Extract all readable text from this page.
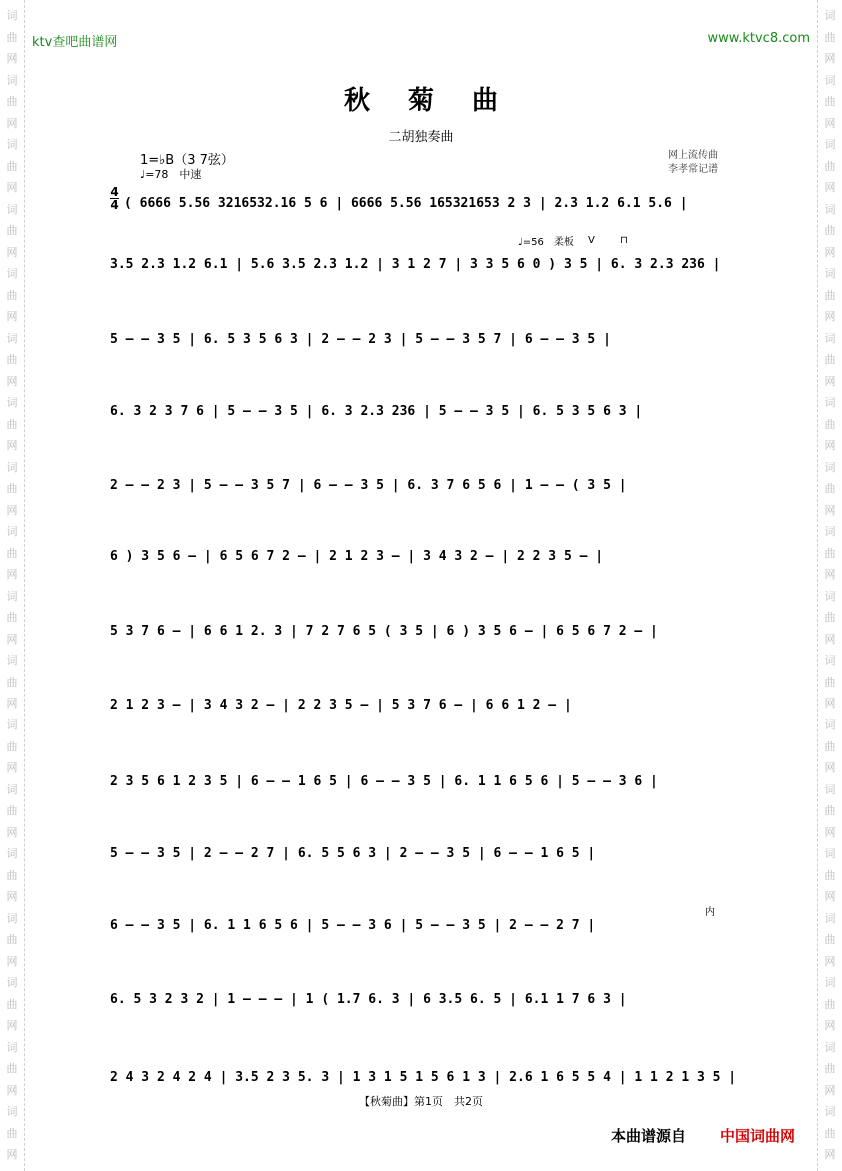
词
曲
网
词
曲
网
词
曲
网
词
曲
网
词
曲
网
词
曲
网
词
曲
网
词
曲
网
词
曲
网
词
曲
网
词
曲
网
词
曲
网
词
曲
网
词
曲
网
词
曲
网
词
曲
网
词
曲
网
词
曲
网
词
曲
网
词
曲
网
词
曲
网
词
曲
网
词
曲
网
词
曲
网
词
曲
网
词
曲
网
词
曲
网
词
曲
网
词
曲
网
词
曲
网
词
曲
网
词
曲
网
词
曲
网
词
曲
网
词
曲
网
词
曲
网
ktv查吧曲谱网	www.ktvc8.com
秋菊曲
二胡独奏曲
1=♭B（3 7弦）
♩=78　中速
网上流传曲
李孝常记谱
4
4
♩=56　柔板
内
V	⊓
( 6666 5.56 3216532.16 5 6 | 6666 5.56 165321653 2 3 | 2.3 1.2 6.1 5.6 |
3.5 2.3 1.2 6.1 | 5.6 3.5 2.3 1.2 | 3 1 2 7 | 3 3 5 6 0 ) 3 5 | 6. 3 2.3 236 |
5 – – 3 5 | 6. 5 3 5 6 3 | 2 – – 2 3 | 5 – – 3 5 7 | 6 – – 3 5 |
6. 3 2 3 7 6 | 5 – – 3 5 | 6. 3 2.3 236 | 5 – – 3 5 | 6. 5 3 5 6 3 |
2 – – 2 3 | 5 – – 3 5 7 | 6 – – 3 5 | 6. 3 7 6 5 6 | 1 – – ( 3 5 |
6 ) 3 5 6 – | 6 5 6 7 2 – | 2 1 2 3 – | 3 4 3 2 – | 2 2 3 5 – |
5 3 7 6 – | 6 6 1 2. 3 | 7 2 7 6 5 ( 3 5 | 6 ) 3 5 6 – | 6 5 6 7 2 – |
2 1 2 3 – | 3 4 3 2 – | 2 2 3 5 – | 5 3 7 6 – | 6 6 1 2 – |
2 3 5 6 1 2 3 5 | 6 – – 1 6 5 | 6 – – 3 5 | 6. 1 1 6 5 6 | 5 – – 3 6 |
5 – – 3 5 | 2 – – 2 7 | 6. 5 5 6 3 | 2 – – 3 5 | 6 – – 1 6 5 |
6 – – 3 5 | 6. 1 1 6 5 6 | 5 – – 3 6 | 5 – – 3 5 | 2 – – 2 7 |
6. 5 3 2 3 2 | 1 – – – | 1 ( 1.7 6. 3 | 6 3.5 6. 5 | 6.1 1 7 6 3 |
2 4 3 2 4 2 4 | 3.5 2 3 5. 3 | 1 3 1 5 1 5 6 1 3 | 2.6 1 6 5 5 4 | 1 1 2 1 3 5 |
【秋菊曲】第1页　共2页
本曲谱源自 中国词曲网
